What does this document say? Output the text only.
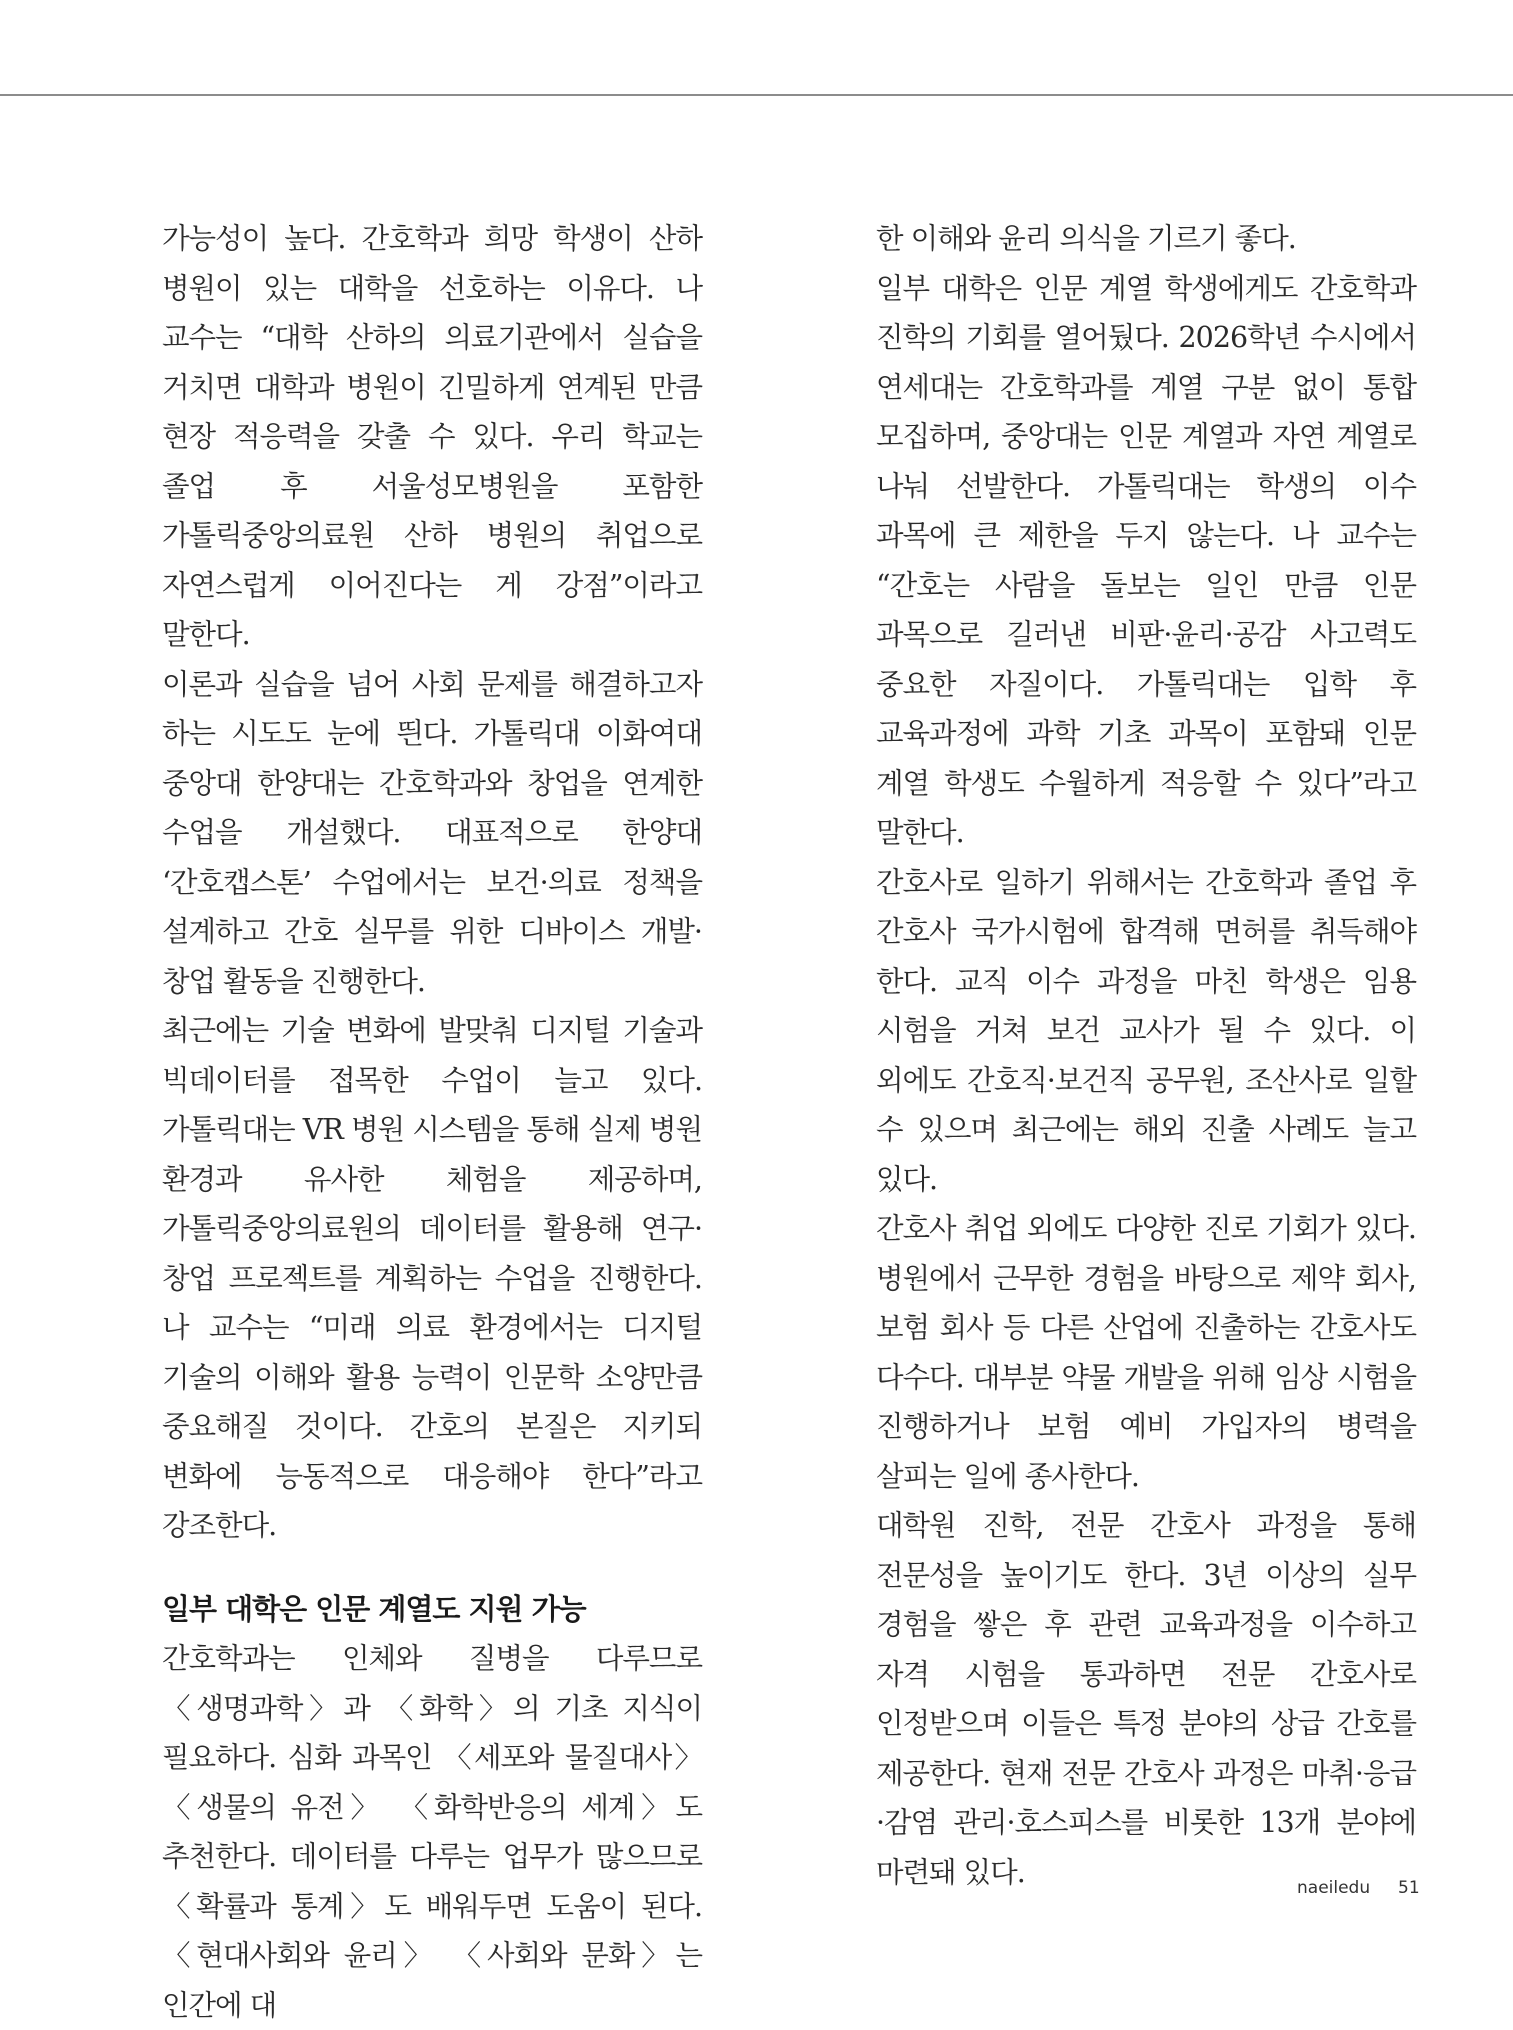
가능성이 높다. 간호학과 희망 학생이 산하 병원이 있는 대학을 선호하는 이유다. 나 교수는 “대학 산하의 의료기관에서 실습을 거치면 대학과 병원이 긴밀하게 연계된 만큼 현장 적응력을 갖출 수 있다. 우리 학교는 졸업 후 서울성모병원을 포함한 가톨릭중앙의료원 산하 병원의 취업으로 자연스럽게 이어진다는 게 강점”이라고 말한다.

이론과 실습을 넘어 사회 문제를 해결하고자 하는 시도도 눈에 띈다. 가톨릭대 이화여대 중앙대 한양대는 간호학과와 창업을 연계한 수업을 개설했다. 대표적으로 한양대 ‘간호캡스톤’ 수업에서는 보건·의료 정책을 설계하고 간호 실무를 위한 디바이스 개발·창업 활동을 진행한다.

최근에는 기술 변화에 발맞춰 디지털 기술과 빅데이터를 접목한 수업이 늘고 있다. 가톨릭대는 VR 병원 시스템을 통해 실제 병원 환경과 유사한 체험을 제공하며, 가톨릭중앙의료원의 데이터를 활용해 연구·창업 프로젝트를 계획하는 수업을 진행한다. 나 교수는 “미래 의료 환경에서는 디지털 기술의 이해와 활용 능력이 인문학 소양만큼 중요해질 것이다. 간호의 본질은 지키되 변화에 능동적으로 대응해야 한다”라고 강조한다.

일부 대학은 인문 계열도 지원 가능

간호학과는 인체와 질병을 다루므로 〈생명과학〉과 〈화학〉의 기초 지식이 필요하다. 심화 과목인 〈세포와 물질대사〉 〈생물의 유전〉 〈화학반응의 세계〉도 추천한다. 데이터를 다루는 업무가 많으므로 〈확률과 통계〉도 배워두면 도움이 된다. 〈현대사회와 윤리〉 〈사회와 문화〉는 인간에 대

한 이해와 윤리 의식을 기르기 좋다.

일부 대학은 인문 계열 학생에게도 간호학과 진학의 기회를 열어뒀다. 2026학년 수시에서 연세대는 간호학과를 계열 구분 없이 통합 모집하며, 중앙대는 인문 계열과 자연 계열로 나눠 선발한다. 가톨릭대는 학생의 이수 과목에 큰 제한을 두지 않는다. 나 교수는 “간호는 사람을 돌보는 일인 만큼 인문 과목으로 길러낸 비판·윤리·공감 사고력도 중요한 자질이다. 가톨릭대는 입학 후 교육과정에 과학 기초 과목이 포함돼 인문 계열 학생도 수월하게 적응할 수 있다”라고 말한다.

간호사로 일하기 위해서는 간호학과 졸업 후 간호사 국가시험에 합격해 면허를 취득해야 한다. 교직 이수 과정을 마친 학생은 임용 시험을 거쳐 보건 교사가 될 수 있다. 이 외에도 간호직·보건직 공무원, 조산사로 일할 수 있으며 최근에는 해외 진출 사례도 늘고 있다.

간호사 취업 외에도 다양한 진로 기회가 있다. 병원에서 근무한 경험을 바탕으로 제약 회사, 보험 회사 등 다른 산업에 진출하는 간호사도 다수다. 대부분 약물 개발을 위해 임상 시험을 진행하거나 보험 예비 가입자의 병력을 살피는 일에 종사한다.

대학원 진학, 전문 간호사 과정을 통해 전문성을 높이기도 한다. 3년 이상의 실무 경험을 쌓은 후 관련 교육과정을 이수하고 자격 시험을 통과하면 전문 간호사로 인정받으며 이들은 특정 분야의 상급 간호를 제공한다. 현재 전문 간호사 과정은 마취·응급·감염 관리·호스피스를 비롯한 13개 분야에 마련돼 있다.	naeiledu 51
